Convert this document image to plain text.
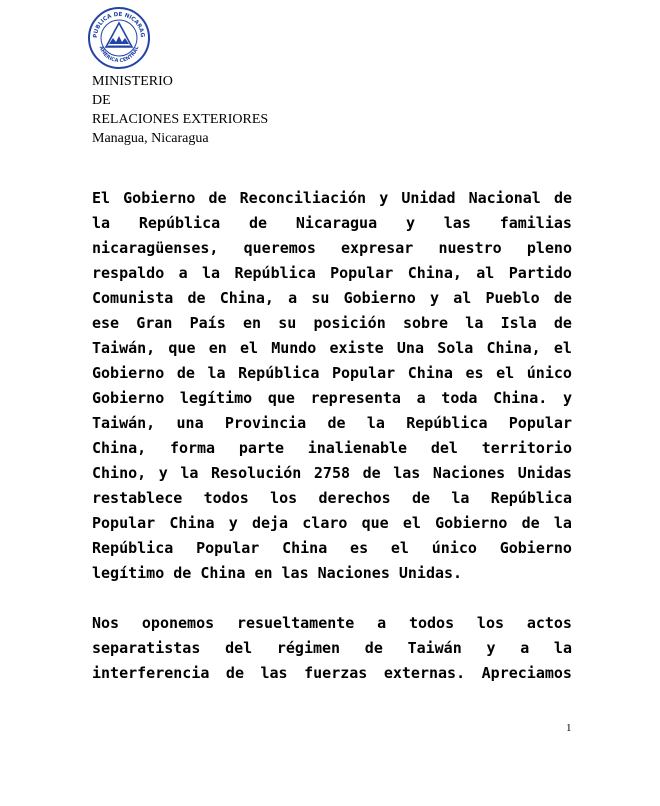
PUBLICA DE NICARAG
AMERICA CENTRAL
MINISTERIO
DE
RELACIONES EXTERIORES
Managua, Nicaragua
El Gobierno de Reconciliación y Unidad Nacional de
la República de Nicaragua y las familias
nicaragüenses, queremos expresar nuestro pleno
respaldo a la República Popular China, al Partido
Comunista de China, a su Gobierno y al Pueblo de
ese Gran País en su posición sobre la Isla de
Taiwán, que en el Mundo existe Una Sola China, el
Gobierno de la República Popular China es el único
Gobierno legítimo que representa a toda China. y
Taiwán, una Provincia de la República Popular
China, forma parte inalienable del territorio
Chino, y la Resolución 2758 de las Naciones Unidas
restablece todos los derechos de la República
Popular China y deja claro que el Gobierno de la
República Popular China es el único Gobierno
legítimo de China en las Naciones Unidas.
Nos oponemos resueltamente a todos los actos
separatistas del régimen de Taiwán y a la
interferencia de las fuerzas externas. Apreciamos
1
